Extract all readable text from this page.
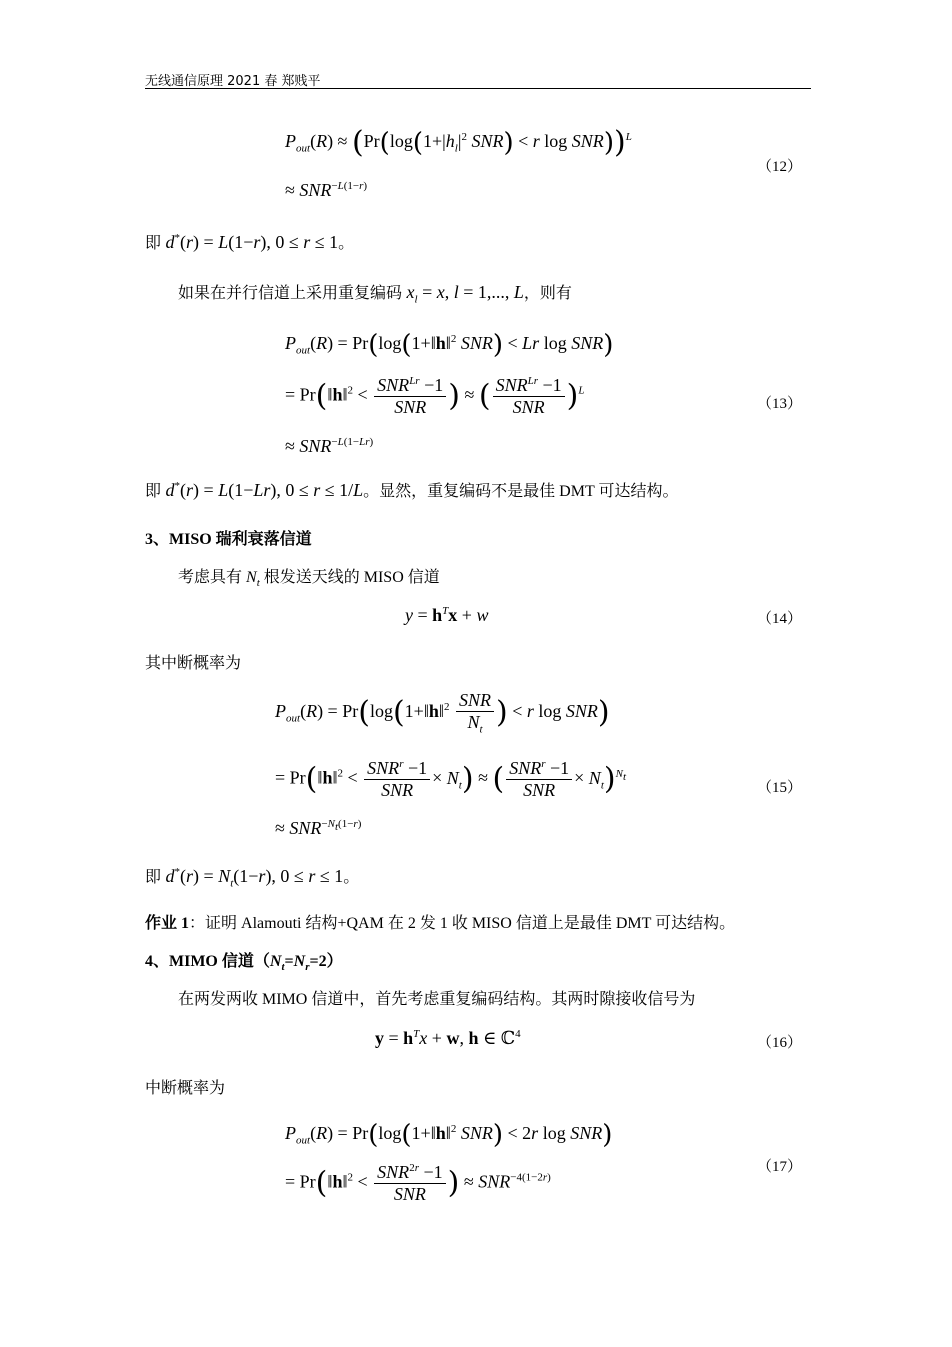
无线通信原理 2021 春 郑贱平
$P_{out}(R) \approx (Pr(\log(1+|h_l|^2$ SNR) < r log SNR))$^L$
≈ $SNR^{-L(1-r)}$
（12）
即 d*(r) = L(1−r), 0 ≤ r ≤ 1。
如果在并行信道上采用重复编码 $x_l = x$, l = 1,..., L，则有
$P_{out}(R)$ = Pr(log(1+‖h‖$^2$ SNR) < Lr log SNR)
= Pr(‖h‖$^2$ < $\frac{SNR^{Lr} -1}{\text{SNR}}$ ) ≈ ( $\frac{SNR^{Lr} -1}{\text{SNR}} )^L$
≈ $SNR^{-L(1-Lr)}$
（13）
即 d*(r) = L(1−Lr), 0 ≤ r ≤ 1/L。显然，重复编码不是最佳 DMT 可达结构。
3、MISO 瑞利衰落信道
考虑具有 $N_t$ 根发送天线的 MISO 信道
$y = h^Tx + w$	（14）
其中断概率为
$P_{out}(R)$ = Pr(log(1+‖h‖$^2$ $\frac{\text{SNR}}{N_t}$ ) < r log SNR)
= Pr(‖h‖$^2$ < $\frac{SNR^r -1}{\text{SNR}} \times N_t$) ≈ ( $\frac{SNR^r -1}{\text{SNR}} \times N_t)^{N_t}$
≈ $SNR^{-N_t(1-r)}$
（15）
即 $d^*(r) = N_t(1-r)$, 0 ≤ r ≤ 1。
作业 1：证明 Alamouti 结构+QAM 在 2 发 1 收 MISO 信道上是最佳 DMT 可达结构。
4、MIMO 信道$(N_t=N_r=2)$
在两发两收 MIMO 信道中，首先考虑重复编码结构。其两时隙接收信号为
$y = h^Tx + w$, h ∈ ℂ$^4$
（16）
中断概率为
$P_{out}(R)$ = Pr(log(1+‖h‖$^2$ SNR) < 2r log SNR)
= Pr(‖h‖$^2$ < $\frac{SNR^{2r} -1}{\text{SNR}}$ ) ≈ $SNR^{-4(1-2r)}$
（17）
